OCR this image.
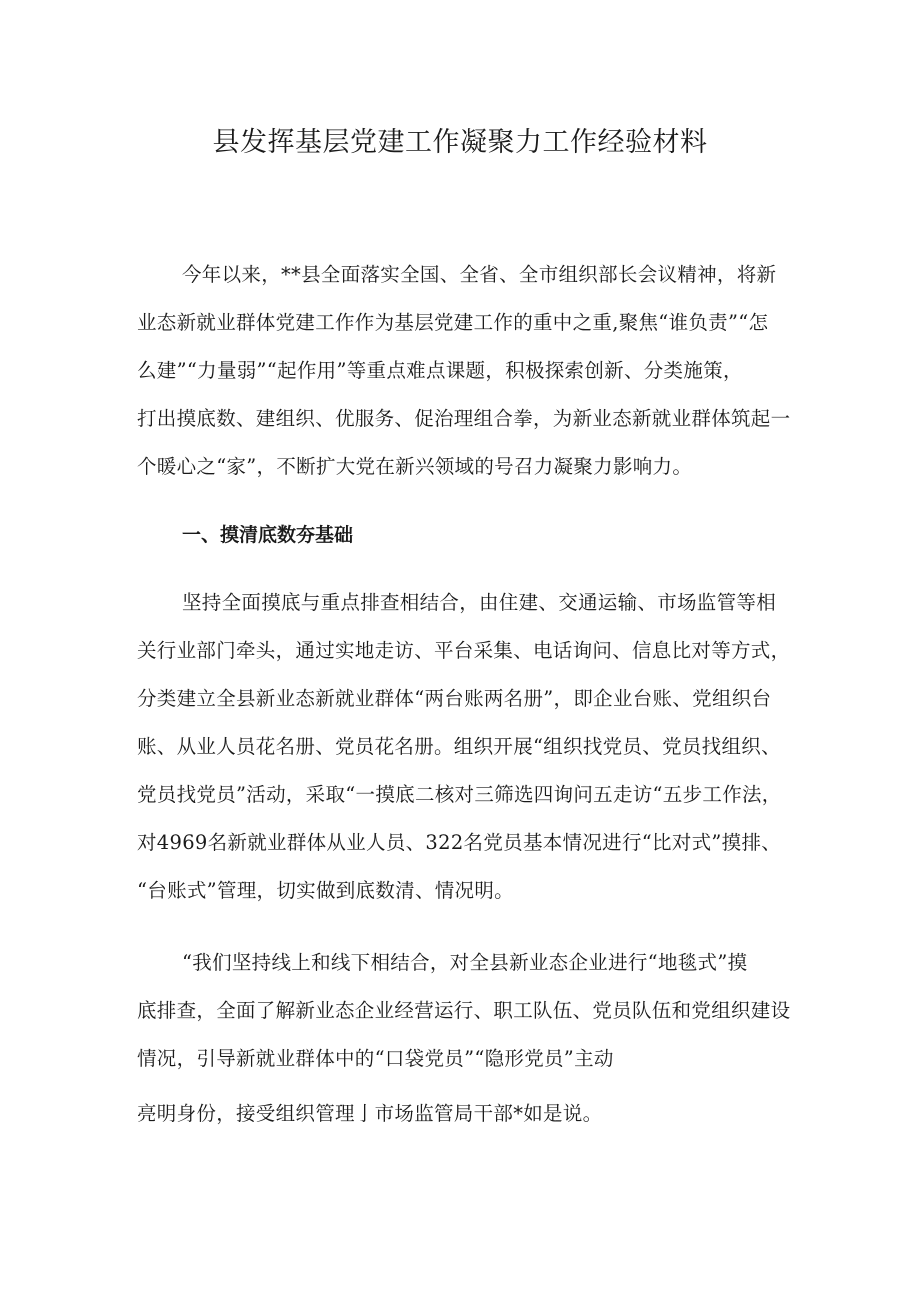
县发挥基层党建工作凝聚力工作经验材料
今年以来，**县全面落实全国、全省、全市组织部长会议精神，将新
业态新就业群体党建工作作为基层党建工作的重中之重,聚焦“谁负责”“怎
么建”“力量弱”“起作用”等重点难点课题，积极探索创新、分类施策，
打出摸底数、建组织、优服务、促治理组合拳，为新业态新就业群体筑起一
个暖心之“家”，不断扩大党在新兴领域的号召力凝聚力影响力。
一、摸清底数夯基础
坚持全面摸底与重点排查相结合，由住建、交通运输、市场监管等相
关行业部门牵头，通过实地走访、平台采集、电话询问、信息比对等方式，
分类建立全县新业态新就业群体“两台账两名册”，即企业台账、党组织台
账、从业人员花名册、党员花名册。组织开展“组织找党员、党员找组织、
党员找党员”活动，采取“一摸底二核对三筛选四询问五走访“五步工作法，
对4969名新就业群体从业人员、322名党员基本情况进行“比对式”摸排、
“台账式”管理，切实做到底数清、情况明。
“我们坚持线上和线下相结合，对全县新业态企业进行“地毯式”摸
底排查，全面了解新业态企业经营运行、职工队伍、党员队伍和党组织建设
情况，引导新就业群体中的“口袋党员”“隐形党员”主动
亮明身份，接受组织管理亅市场监管局干部*如是说。
